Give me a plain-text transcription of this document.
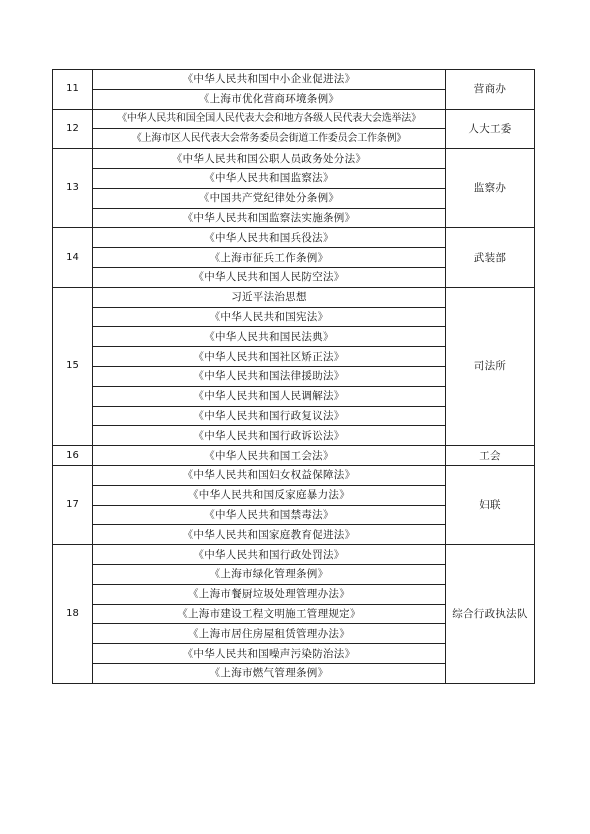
11	《中华人民共和国中小企业促进法》	营商办
	《上海市优化营商环境条例》	
12	《中华人民共和国全国人民代表大会和地方各级人民代表大会选举法》	人大工委
	《上海市区人民代表大会常务委员会街道工作委员会工作条例》	
13	《中华人民共和国公职人员政务处分法》	监察办
	《中华人民共和国监察法》	
	《中国共产党纪律处分条例》	
	《中华人民共和国监察法实施条例》	
14	《中华人民共和国兵役法》	武装部
	《上海市征兵工作条例》	
	《中华人民共和国人民防空法》	
15	习近平法治思想	司法所
	《中华人民共和国宪法》	
	《中华人民共和国民法典》	
	《中华人民共和国社区矫正法》	
	《中华人民共和国法律援助法》	
	《中华人民共和国人民调解法》	
	《中华人民共和国行政复议法》	
	《中华人民共和国行政诉讼法》	
16	《中华人民共和国工会法》	工会
17	《中华人民共和国妇女权益保障法》	妇联
	《中华人民共和国反家庭暴力法》	
	《中华人民共和国禁毒法》	
	《中华人民共和国家庭教育促进法》	
18	《中华人民共和国行政处罚法》	综合行政执法队
	《上海市绿化管理条例》	
	《上海市餐厨垃圾处理管理办法》	
	《上海市建设工程文明施工管理规定》	
	《上海市居住房屋租赁管理办法》	
	《中华人民共和国噪声污染防治法》	
	《上海市燃气管理条例》	
